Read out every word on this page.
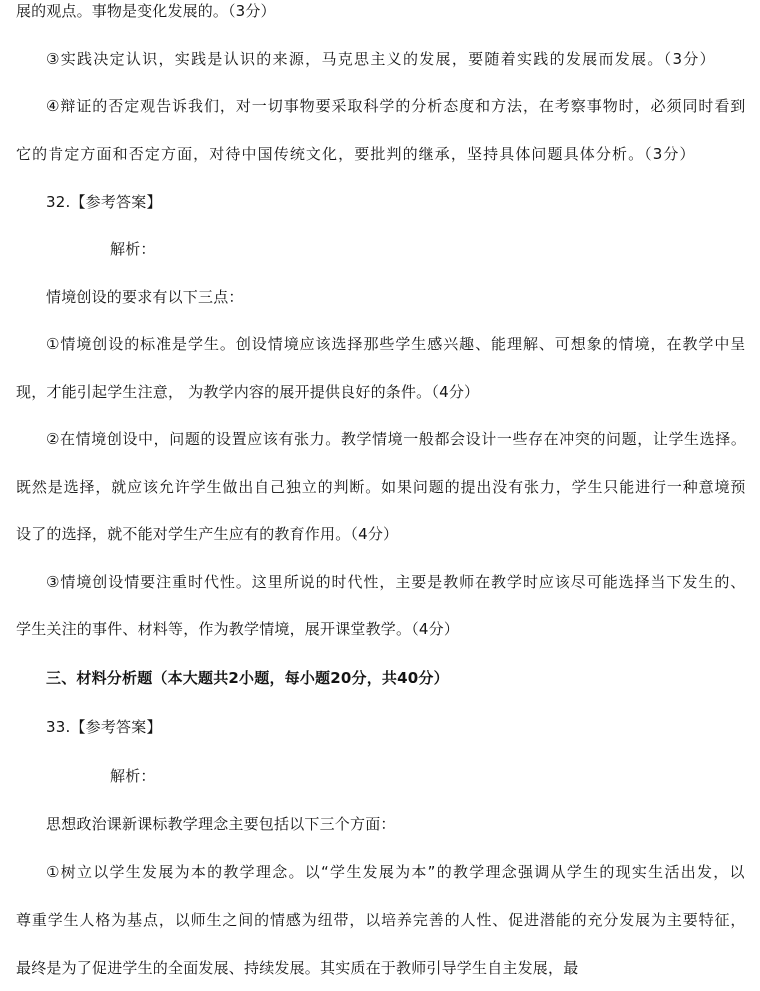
展的观点。事物是变化发展的。（3分）
③实践决定认识，实践是认识的来源，马克思主义的发展，要随着实践的发展而发展。（3分）
④辩证的否定观告诉我们，对一切事物要采取科学的分析态度和方法，在考察事物时，必须同时看到
它的肯定方面和否定方面，对待中国传统文化，要批判的继承，坚持具体问题具体分析。（3分）
32.【参考答案】
解析：
情境创设的要求有以下三点：
①情境创设的标准是学生。创设情境应该选择那些学生感兴趣、能理解、可想象的情境，在教学中呈
现，才能引起学生注意， 为教学内容的展开提供良好的条件。（4分）
②在情境创设中，问题的设置应该有张力。教学情境一般都会设计一些存在冲突的问题，让学生选择。
既然是选择，就应该允许学生做出自己独立的判断。如果问题的提出没有张力，学生只能进行一种意境预
设了的选择，就不能对学生产生应有的教育作用。（4分）
③情境创设情要注重时代性。这里所说的时代性，主要是教师在教学时应该尽可能选择当下发生的、
学生关注的事件、材料等，作为教学情境，展开课堂教学。（4分）
三、材料分析题（本大题共2小题，每小题20分，共40分）
33.【参考答案】
解析：
思想政治课新课标教学理念主要包括以下三个方面：
①树立以学生发展为本的教学理念。以“学生发展为本”的教学理念强调从学生的现实生活出发，以
尊重学生人格为基点，以师生之间的情感为纽带，以培养完善的人性、促进潜能的充分发展为主要特征，
最终是为了促进学生的全面发展、持续发展。其实质在于教师引导学生自主发展，最
